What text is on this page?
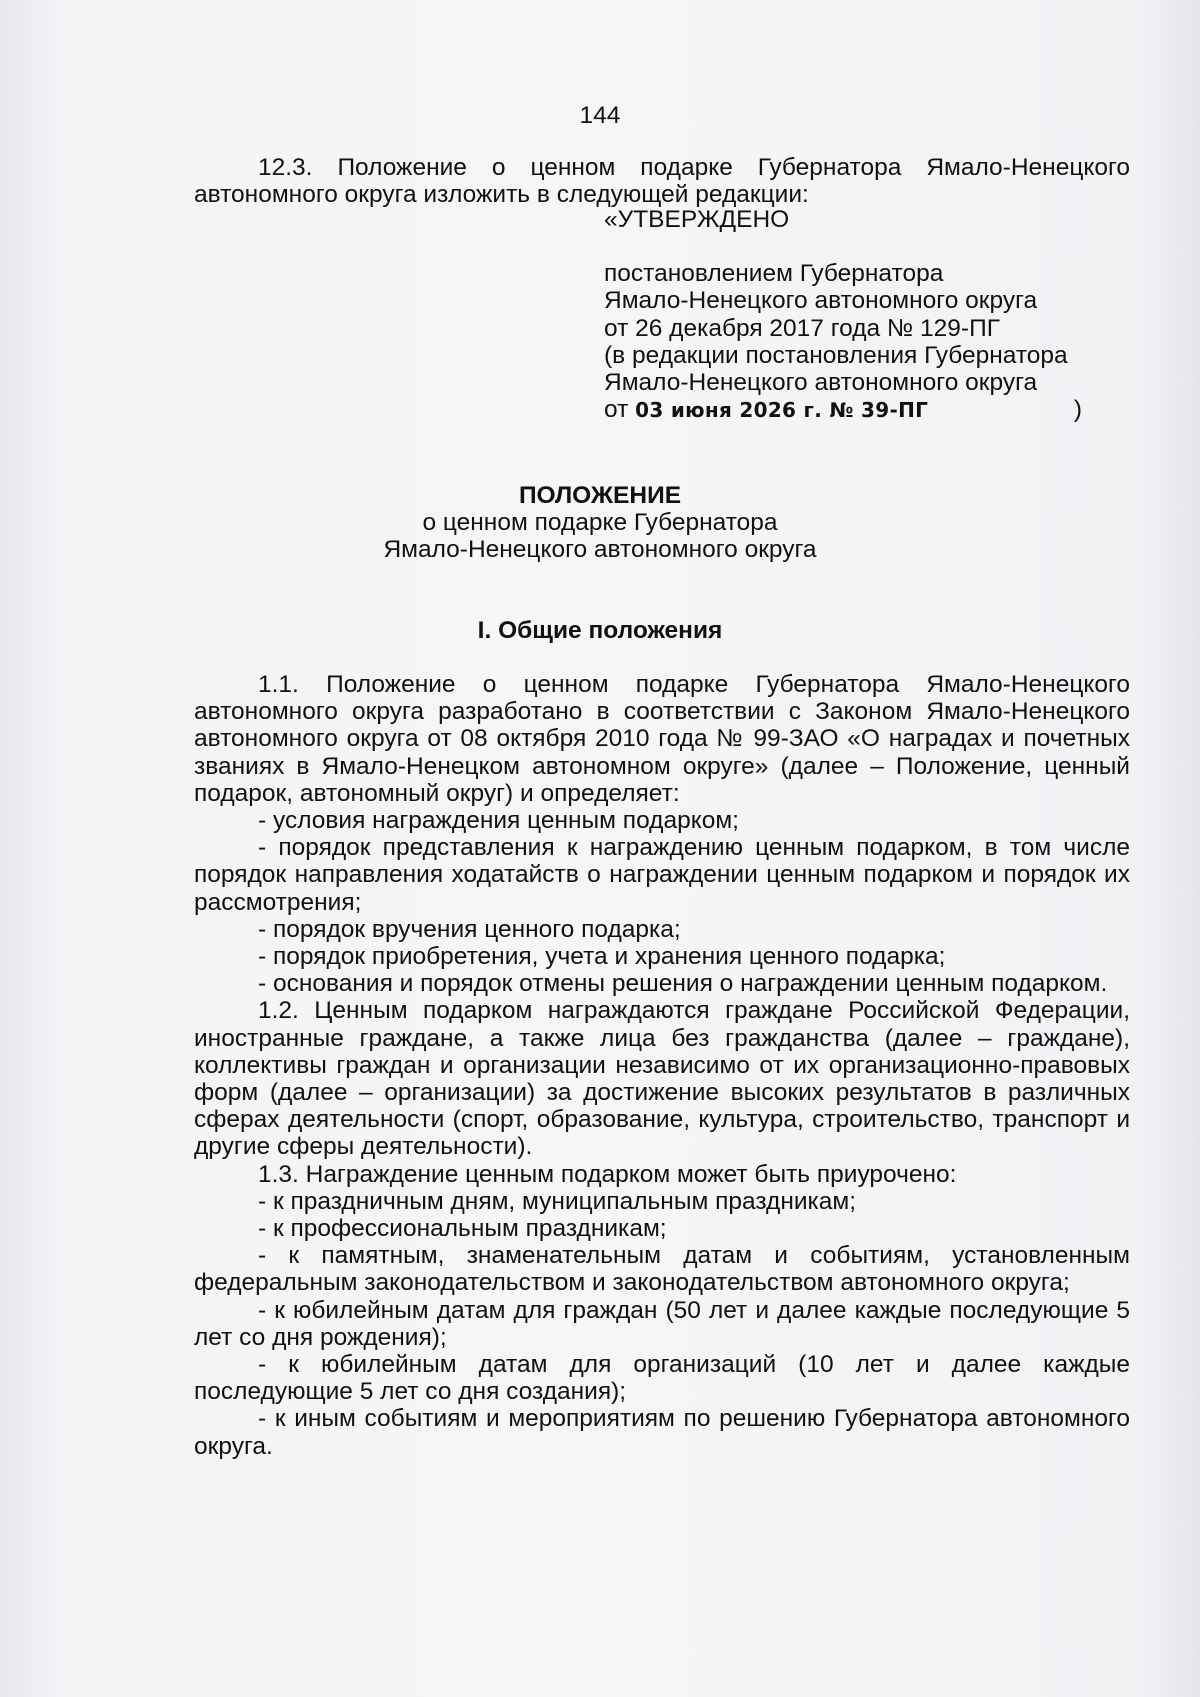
144

12.3. Положение о ценном подарке Губернатора Ямало-Ненецкого

автономного округа изложить в следующей редакции:

«УТВЕРЖДЕНО
постановлением Губернатора
Ямало-Ненецкого автономного округа
от 26 декабря 2017 года № 129-ПГ
(в редакции постановления Губернатора
Ямало-Ненецкого автономного округа
от 03 июня 2026 г. № 39-ПГ	)

ПОЛОЖЕНИЕ

о ценном подарке Губернатора

Ямало-Ненецкого автономного округа

I. Общие положения

1.1. Положение о ценном подарке Губернатора Ямало-Ненецкого автономного округа разработано в соответствии с Законом Ямало-Ненецкого автономного округа от 08 октября 2010 года № 99-ЗАО «О наградах и почетных званиях в Ямало-Ненецком автономном округе» (далее – Положение, ценный подарок, автономный округ) и определяет:

- условия награждения ценным подарком;

- порядок представления к награждению ценным подарком, в том числе порядок направления ходатайств о награждении ценным подарком и порядок их рассмотрения;

- порядок вручения ценного подарка;

- порядок приобретения, учета и хранения ценного подарка;

- основания и порядок отмены решения о награждении ценным подарком.

1.2. Ценным подарком награждаются граждане Российской Федерации, иностранные граждане, а также лица без гражданства (далее – граждане), коллективы граждан и организации независимо от их организационно-правовых форм (далее – организации) за достижение высоких результатов в различных сферах деятельности (спорт, образование, культура, строительство, транспорт и другие сферы деятельности).

1.3. Награждение ценным подарком может быть приурочено:

- к праздничным дням, муниципальным праздникам;

- к профессиональным праздникам;

- к памятным, знаменательным датам и событиям, установленным федеральным законодательством и законодательством автономного округа;

- к юбилейным датам для граждан (50 лет и далее каждые последующие 5 лет со дня рождения);

- к юбилейным датам для организаций (10 лет и далее каждые последующие 5 лет со дня создания);

- к иным событиям и мероприятиям по решению Губернатора автономного округа.
